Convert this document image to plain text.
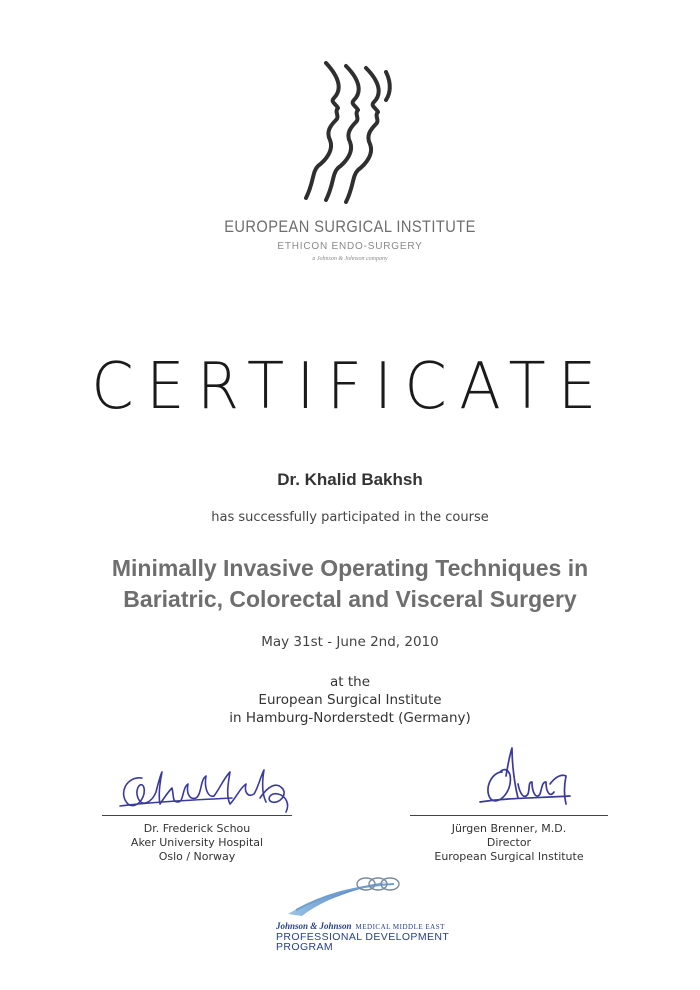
EUROPEAN SURGICAL INSTITUTE
ETHICON ENDO-SURGERY
a Johnson & Johnson company
CERTIFICATE
Dr. Khalid Bakhsh
has successfully participated in the course
Minimally Invasive Operating Techniques in
Bariatric, Colorectal and Visceral Surgery
May 31st - June 2nd, 2010
at the
European Surgical Institute
in Hamburg-Norderstedt (Germany)
Dr. Frederick Schou
Aker University Hospital
Oslo / Norway
Jürgen Brenner, M.D.
Director
European Surgical Institute
Johnson & Johnson MEDICAL MIDDLE EAST
PROFESSIONAL DEVELOPMENT
PROGRAM
